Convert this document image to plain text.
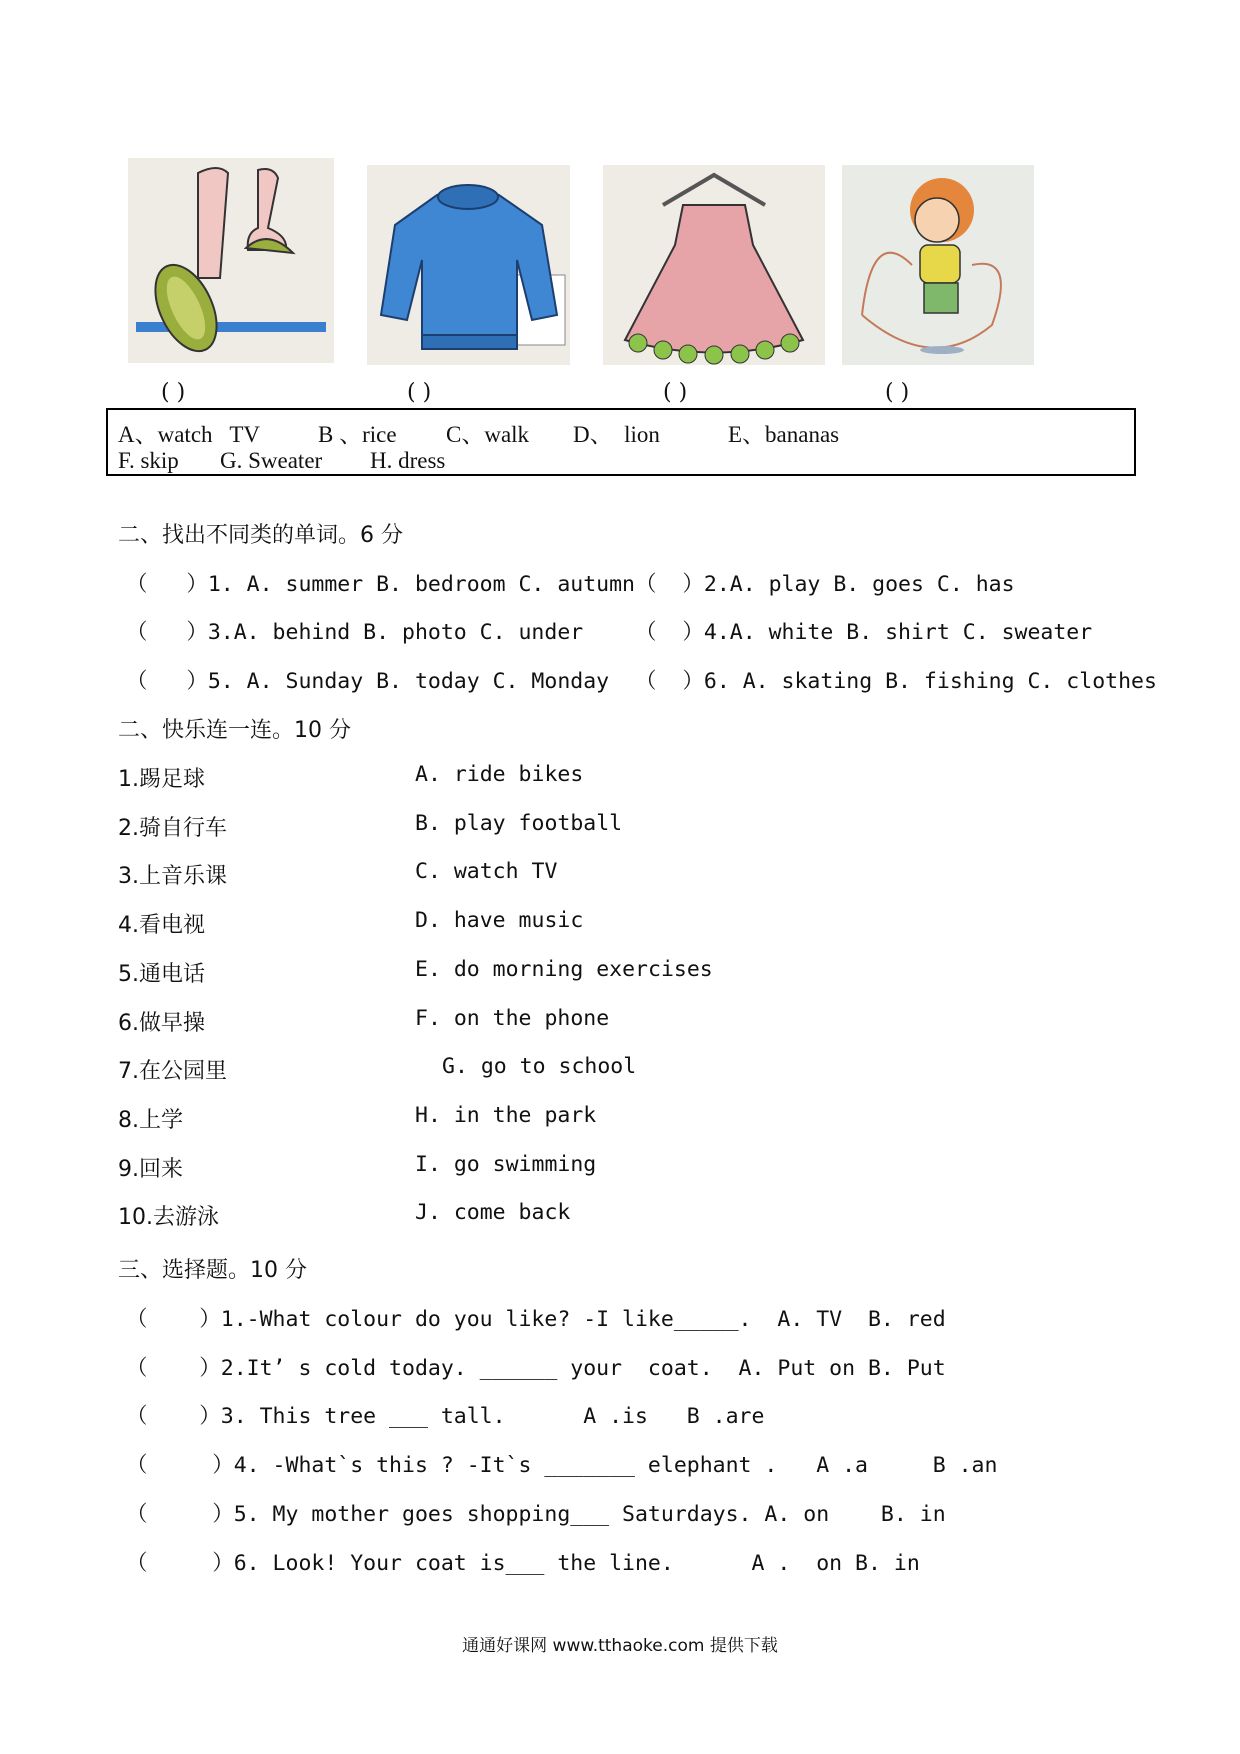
( )	( )	( )	( )
A、watch   TV	B 、rice C、walk D、  lion	E、bananas
F. skip G. Sweater H. dress
二、找出不同类的单词。6 分
（   ）1. A. summer B. bedroom C. autumn（  ）2.A. play B. goes C. has
（   ）3.A. behind B. photo C. under    （  ）4.A. white B. shirt C. sweater
（   ）5. A. Sunday B. today C. Monday  （  ）6. A. skating B. fishing C. clothes
二、快乐连一连。10 分
1.踢足球	A. ride bikes
2.骑自行车	B. play football
3.上音乐课	C. watch TV
4.看电视	D. have music
5.通电话	E. do morning exercises
6.做早操	F. on the phone
7.在公园里	G. go to school
8.上学	H. in the park
9.回来	I. go swimming
10.去游泳	J. come back
三、选择题。10 分
（    ）1.-What colour do you like? -I like_____.  A. TV  B. red
（    ）2.It’ s cold today. ______ your  coat.  A. Put on B. Put
（    ）3. This tree ___ tall.      A .is   B .are
（     ）4. -What`s this ? -It`s _______ elephant .   A .a     B .an
（     ）5. My mother goes shopping___ Saturdays. A. on    B. in
（     ）6. Look! Your coat is___ the line.      A .  on B. in
通通好课网 www.tthaoke.com 提供下载
